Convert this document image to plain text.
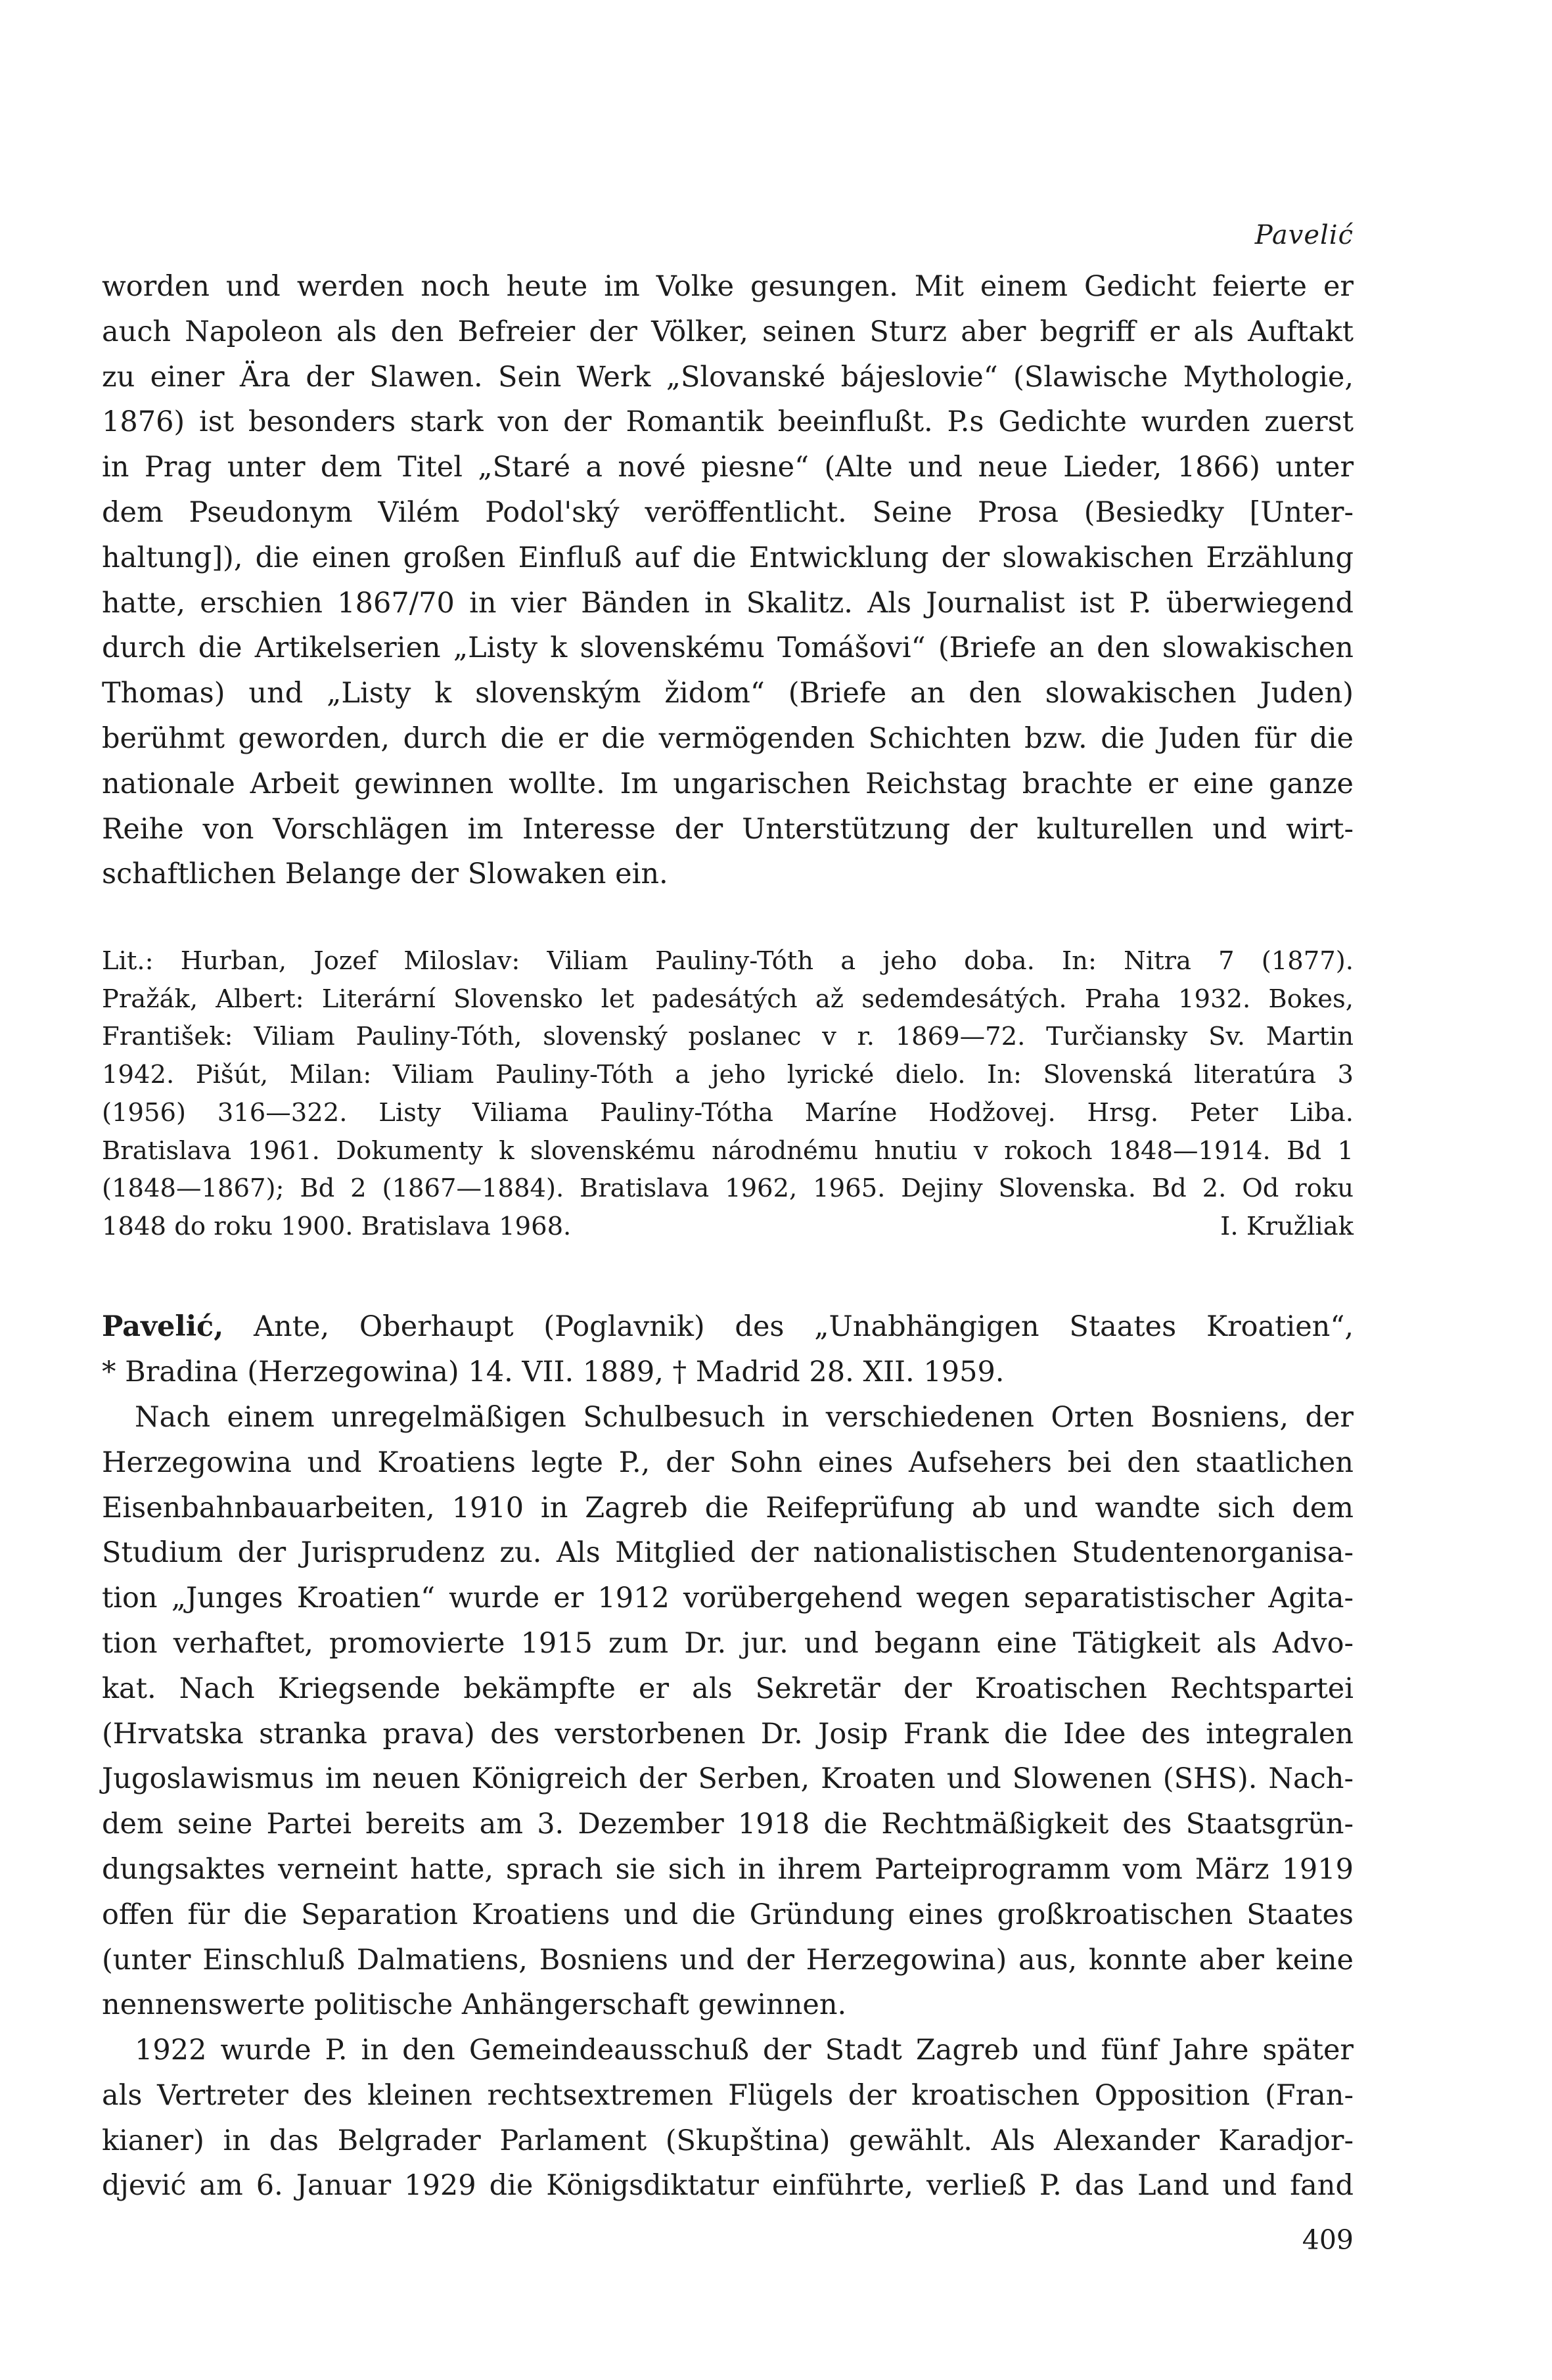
Pavelić
worden und werden noch heute im Volke gesungen. Mit einem Gedicht feierte er
auch Napoleon als den Befreier der Völker, seinen Sturz aber begriff er als Auftakt
zu einer Ära der Slawen. Sein Werk „Slovanské bájeslovie“ (Slawische Mythologie,
1876) ist besonders stark von der Romantik beeinflußt. P.s Gedichte wurden zuerst
in Prag unter dem Titel „Staré a nové piesne“ (Alte und neue Lieder, 1866) unter
dem Pseudonym Vilém Podol'ský veröffentlicht. Seine Prosa (Besiedky [Unter-
haltung]), die einen großen Einfluß auf die Entwicklung der slowakischen Erzählung
hatte, erschien 1867/70 in vier Bänden in Skalitz. Als Journalist ist P. überwiegend
durch die Artikelserien „Listy k slovenskému Tomášovi“ (Briefe an den slowakischen
Thomas) und „Listy k slovenským židom“ (Briefe an den slowakischen Juden)
berühmt geworden, durch die er die vermögenden Schichten bzw. die Juden für die
nationale Arbeit gewinnen wollte. Im ungarischen Reichstag brachte er eine ganze
Reihe von Vorschlägen im Interesse der Unterstützung der kulturellen und wirt-
schaftlichen Belange der Slowaken ein.
Lit.: Hurban, Jozef Miloslav: Viliam Pauliny-Tóth a jeho doba. In: Nitra 7 (1877).
Pražák, Albert: Literární Slovensko let padesátých až sedemdesátých. Praha 1932. Bokes,
František: Viliam Pauliny-Tóth, slovenský poslanec v r. 1869—72. Turčiansky Sv. Martin
1942. Pišút, Milan: Viliam Pauliny-Tóth a jeho lyrické dielo. In: Slovenská literatúra 3
(1956) 316—322. Listy Viliama Pauliny-Tótha Maríne Hodžovej. Hrsg. Peter Liba.
Bratislava 1961. Dokumenty k slovenskému národnému hnutiu v rokoch 1848—1914. Bd 1
(1848—1867); Bd 2 (1867—1884). Bratislava 1962, 1965. Dejiny Slovenska. Bd 2. Od roku
1848 do roku 1900. Bratislava 1968.	I. Kružliak
Pavelić, Ante, Oberhaupt (Poglavnik) des „Unabhängigen Staates Kroatien“,
* Bradina (Herzegowina) 14. VII. 1889, † Madrid 28. XII. 1959.
Nach einem unregelmäßigen Schulbesuch in verschiedenen Orten Bosniens, der
Herzegowina und Kroatiens legte P., der Sohn eines Aufsehers bei den staatlichen
Eisenbahnbauarbeiten, 1910 in Zagreb die Reifeprüfung ab und wandte sich dem
Studium der Jurisprudenz zu. Als Mitglied der nationalistischen Studentenorganisa-
tion „Junges Kroatien“ wurde er 1912 vorübergehend wegen separatistischer Agita-
tion verhaftet, promovierte 1915 zum Dr. jur. und begann eine Tätigkeit als Advo-
kat. Nach Kriegsende bekämpfte er als Sekretär der Kroatischen Rechtspartei
(Hrvatska stranka prava) des verstorbenen Dr. Josip Frank die Idee des integralen
Jugoslawismus im neuen Königreich der Serben, Kroaten und Slowenen (SHS). Nach-
dem seine Partei bereits am 3. Dezember 1918 die Rechtmäßigkeit des Staatsgrün-
dungsaktes verneint hatte, sprach sie sich in ihrem Parteiprogramm vom März 1919
offen für die Separation Kroatiens und die Gründung eines großkroatischen Staates
(unter Einschluß Dalmatiens, Bosniens und der Herzegowina) aus, konnte aber keine
nennenswerte politische Anhängerschaft gewinnen.
1922 wurde P. in den Gemeindeausschuß der Stadt Zagreb und fünf Jahre später
als Vertreter des kleinen rechtsextremen Flügels der kroatischen Opposition (Fran-
kianer) in das Belgrader Parlament (Skupština) gewählt. Als Alexander Karadjor-
djević am 6. Januar 1929 die Königsdiktatur einführte, verließ P. das Land und fand
409
